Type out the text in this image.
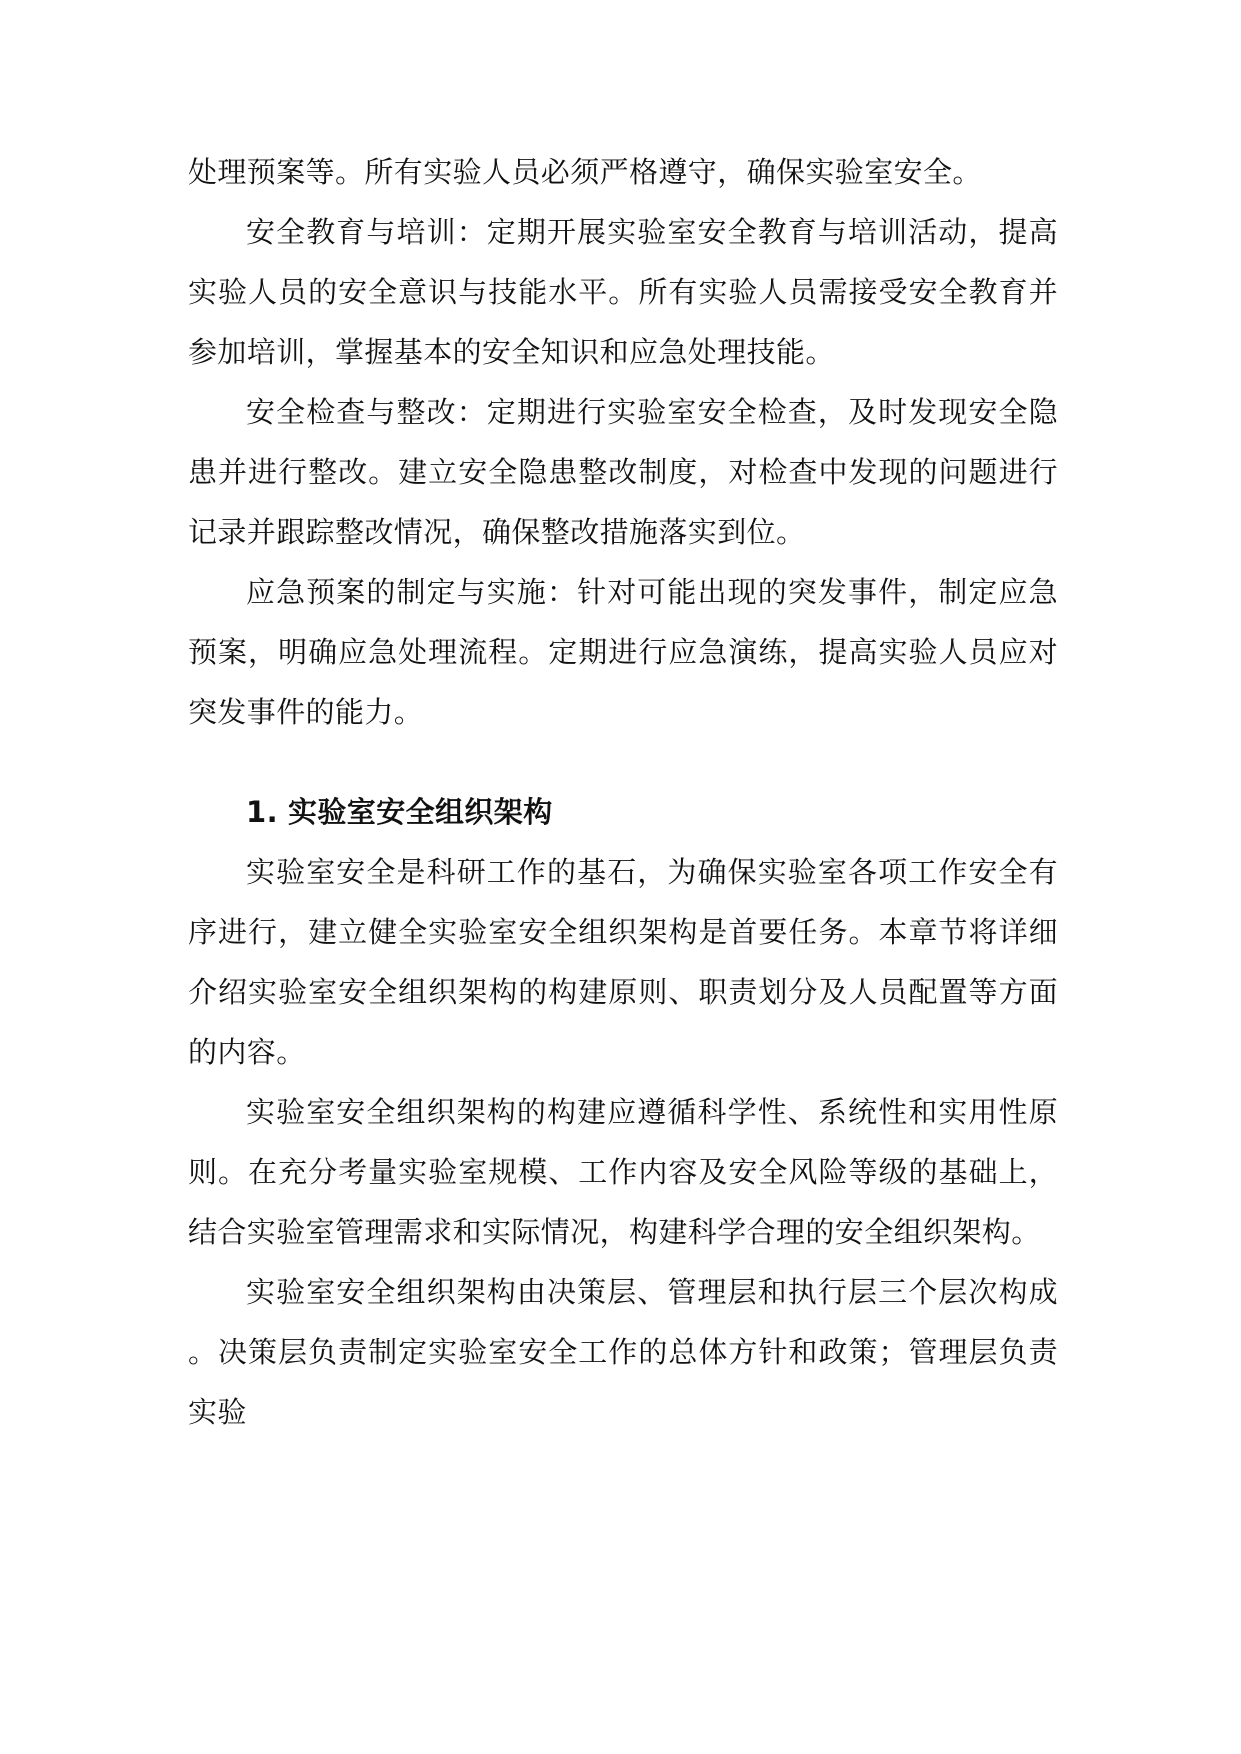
处理预案等。所有实验人员必须严格遵守，确保实验室安全。

安全教育与培训：定期开展实验室安全教育与培训活动，提高实验人员的安全意识与技能水平。所有实验人员需接受安全教育并参加培训，掌握基本的安全知识和应急处理技能。

安全检查与整改：定期进行实验室安全检查，及时发现安全隐患并进行整改。建立安全隐患整改制度，对检查中发现的问题进行记录并跟踪整改情况，确保整改措施落实到位。

应急预案的制定与实施：针对可能出现的突发事件，制定应急预案，明确应急处理流程。定期进行应急演练，提高实验人员应对突发事件的能力。

1. 实验室安全组织架构

实验室安全是科研工作的基石，为确保实验室各项工作安全有序进行，建立健全实验室安全组织架构是首要任务。本章节将详细介绍实验室安全组织架构的构建原则、职责划分及人员配置等方面的内容。

实验室安全组织架构的构建应遵循科学性、系统性和实用性原则。在充分考量实验室规模、工作内容及安全风险等级的基础上，结合实验室管理需求和实际情况，构建科学合理的安全组织架构。

实验室安全组织架构由决策层、管理层和执行层三个层次构成。决策层负责制定实验室安全工作的总体方针和政策；管理层负责实验
